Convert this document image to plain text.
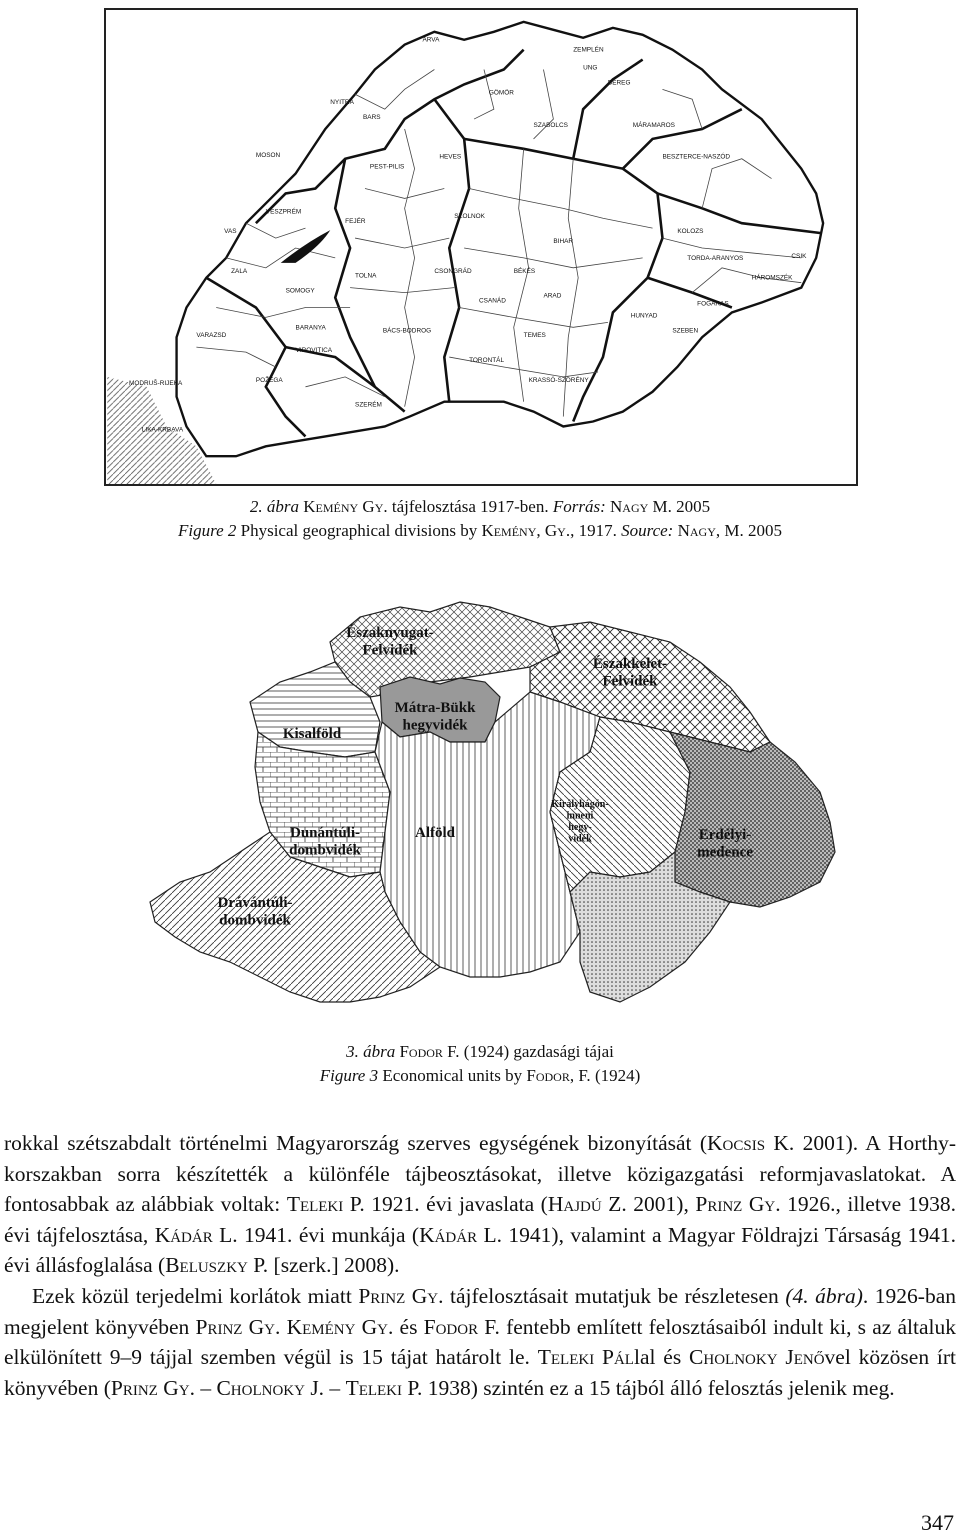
ÁRVA
ZEMPLÉN
BARS
SZABOLCS	MÁRAMAROS
MOSON
VESZPRÉM
PEST-PILIS
BESZTERCE-NASZÓD
VAS
ZALA
SOMOGY
TOLNA
CSANÁD
KOLOZS
BARANYA
VARAZSD
TORDA-ARANYOS
HÁROMSZÉK
MODRUŠ-RIJEKA	POŽEGA
VIROVITICA
KRASSÓ-SZÖRÉNY
FOGARAS
SZERÉM
LIKA-KRBAVA
CSIK
HUNYAD
SZEBEN
HEVES
BIHAR
TEMES
TORONTÁL
BÁCS-BODROG
ARAD
BEREG
UNG
NYITRA
GÖMÖR
SZOLNOK
BÉKÉS
CSONGRÁD
FEJÉR
2. ábra Kemény Gy. tájfelosztása 1917-ben. Forrás: Nagy M. 2005
Figure 2 Physical geographical divisions by Kemény, Gy., 1917. Source: Nagy, M. 2005
Északnyugat-Felvidék
Északkelet-Felvidék
Mátra-Bükk hegyvidék
Kisalföld
Dunántúli-dombvidék
Alföld
Királyhágón-inneni hegy-vidék	Erdélyi-medence
Drávántúli-dombvidék
3. ábra Fodor F. (1924) gazdasági tájai
Figure 3 Economical units by Fodor, F. (1924)

rokkal szétszabdalt történelmi Magyarország szerves egységének bizonyítását (Kocsis K. 2001). A Horthy-korszakban sorra készítették a különféle tájbeosztásokat, illetve közigazgatási reformjavaslatokat. A fontosabbak az alábbiak voltak: Teleki P. 1921. évi javaslata (Hajdú Z. 2001), Prinz Gy. 1926., illetve 1938. évi tájfelosztása, Kádár L. 1941. évi munkája (Kádár L. 1941), valamint a Magyar Földrajzi Társaság 1941. évi állásfoglalása (Beluszky P. [szerk.] 2008).

Ezek közül terjedelmi korlátok miatt Prinz Gy. tájfelosztásait mutatjuk be részletesen (4. ábra). 1926-ban megjelent könyvében Prinz Gy. Kemény Gy. és Fodor F. fentebb említett felosztásaiból indult ki, s az általuk elkülönített 9–9 tájjal szemben végül is 15 tájat határolt le. Teleki Pállal és Cholnoky Jenővel közösen írt könyvében (Prinz Gy. – Cholnoky J. – Teleki P. 1938) szintén ez a 15 tájból álló felosztás jelenik meg.

347
